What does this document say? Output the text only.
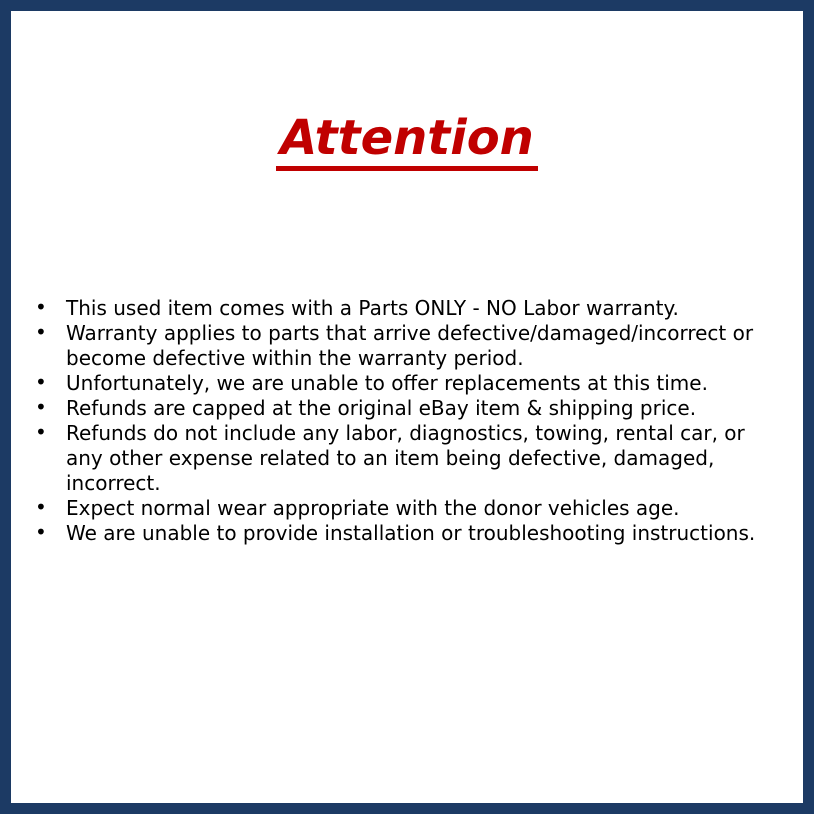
Attention
• This used item comes with a Parts ONLY - NO Labor warranty.
• Warranty applies to parts that arrive defective/damaged/incorrect or become defective within the warranty period.
• Unfortunately, we are unable to offer replacements at this time.
• Refunds are capped at the original eBay item & shipping price.
• Refunds do not include any labor, diagnostics, towing, rental car, or any other expense related to an item being defective, damaged, incorrect.
• Expect normal wear appropriate with the donor vehicles age.
• We are unable to provide installation or troubleshooting instructions.
